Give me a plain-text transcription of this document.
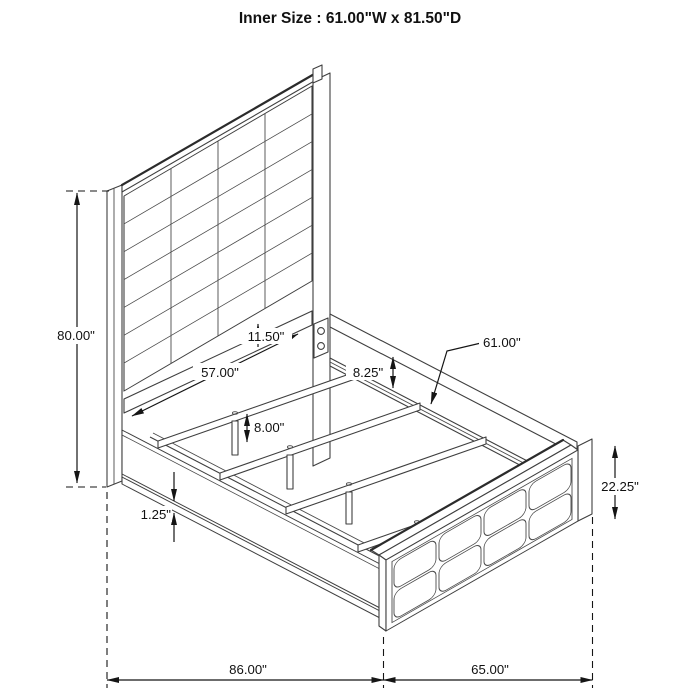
Inner Size : 61.00"W x 81.50"D
80.00"
57.00"
11.50"
8.25"
61.00"
8.00"
1.25"
22.25"
86.00"	65.00"
